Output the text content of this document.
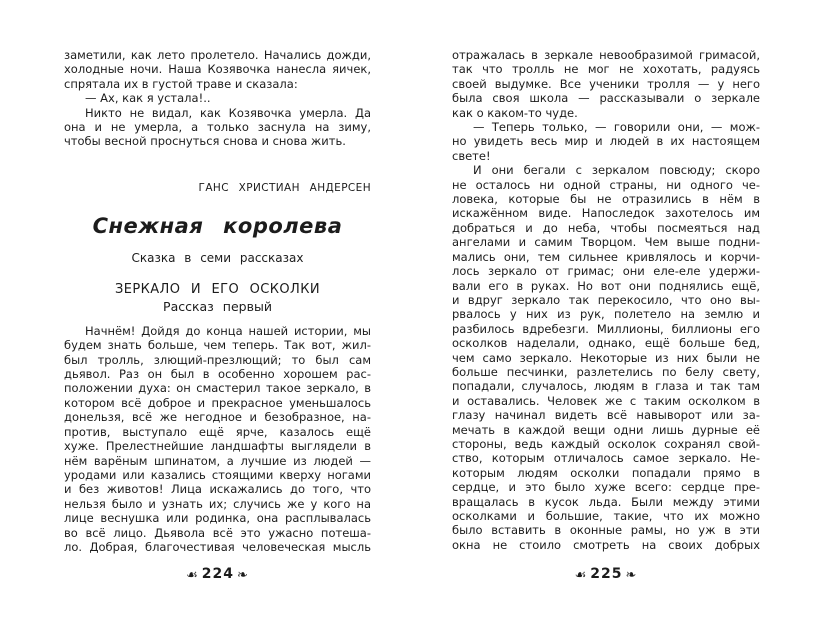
заметили, как лето пролетело. Начались дожди,
холодные ночи. Наша Козявочка нанесла яичек,
спрятала их в густой траве и сказала:
— Ах, как я устала!..
Никто не видал, как Козявочка умерла. Да
она и не умерла, а только заснула на зиму,
чтобы весной проснуться снова и снова жить.
ГАНС ХРИСТИАН АНДЕРСЕН
Снежная королева
Сказка в семи рассказах
ЗЕРКАЛО И ЕГО ОСКОЛКИ
Рассказ первый
Начнём! Дойдя до конца нашей истории, мы
будем знать больше, чем теперь. Так вот, жил-
был тролль, злющий-презлющий; то был сам
дьявол. Раз он был в особенно хорошем рас-
положении духа: он смастерил такое зеркало, в
котором всё доброе и прекрасное уменьшалось
донельзя, всё же негодное и безобразное, на-
против, выступало ещё ярче, казалось ещё
хуже. Прелестнейшие ландшафты выглядели в
нём варёным шпинатом, а лучшие из людей —
уродами или казались стоящими кверху ногами
и без животов! Лица искажались до того, что
нельзя было и узнать их; случись же у кого на
лице веснушка или родинка, она расплывалась
во всё лицо. Дьявола всё это ужасно потеша-
ло. Добрая, благочестивая человеческая мысль
отражалась в зеркале невообразимой гримасой,
так что тролль не мог не хохотать, радуясь
своей выдумке. Все ученики тролля — у него
была своя школа — рассказывали о зеркале
как о каком-то чуде.
— Теперь только, — говорили они, — мож-
но увидеть весь мир и людей в их настоящем
свете!
И они бегали с зеркалом повсюду; скоро
не осталось ни одной страны, ни одного че-
ловека, которые бы не отразились в нём в
искажённом виде. Напоследок захотелось им
добраться и до неба, чтобы посмеяться над
ангелами и самим Творцом. Чем выше подни-
мались они, тем сильнее кривлялось и корчи-
лось зеркало от гримас; они еле-еле удержи-
вали его в руках. Но вот они поднялись ещё,
и вдруг зеркало так перекосило, что оно вы-
рвалось у них из рук, полетело на землю и
разбилось вдребезги. Миллионы, биллионы его
осколков наделали, однако, ещё больше бед,
чем само зеркало. Некоторые из них были не
больше песчинки, разлетелись по белу свету,
попадали, случалось, людям в глаза и так там
и оставались. Человек же с таким осколком в
глазу начинал видеть всё навыворот или за-
мечать в каждой вещи одни лишь дурные её
стороны, ведь каждый осколок сохранял свой-
ство, которым отличалось самое зеркало. Не-
которым людям осколки попадали прямо в
сердце, и это было хуже всего: сердце пре-
вращалась в кусок льда. Были между этими
осколками и большие, такие, что их можно
было вставить в оконные рамы, но уж в эти
окна не стоило смотреть на своих добрых
☙ 224 ❧	☙ 225 ❧
